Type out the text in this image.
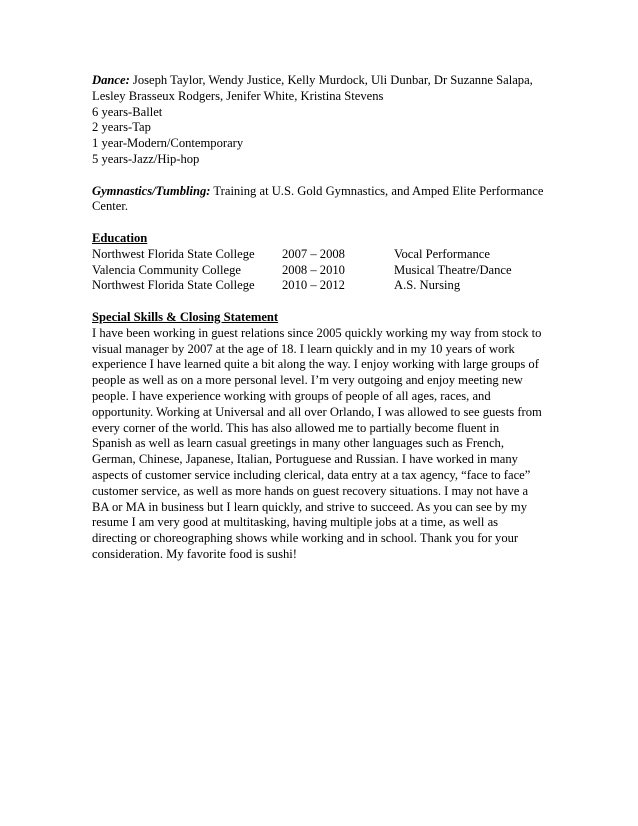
Dance: Joseph Taylor, Wendy Justice, Kelly Murdock, Uli Dunbar, Dr Suzanne Salapa,
Lesley Brasseux Rodgers, Jenifer White, Kristina Stevens
6 years-Ballet
2 years-Tap
1 year-Modern/Contemporary
5 years-Jazz/Hip-hop
Gymnastics/Tumbling: Training at U.S. Gold Gymnastics, and Amped Elite Performance
Center.
Education
Northwest Florida State College	2007 – 2008	Vocal Performance
Valencia Community College	2008 – 2010	Musical Theatre/Dance
Northwest Florida State College	2010 – 2012	A.S. Nursing
Special Skills & Closing Statement
I have been working in guest relations since 2005 quickly working my way from stock to
visual manager by 2007 at the age of 18. I learn quickly and in my 10 years of work
experience I have learned quite a bit along the way. I enjoy working with large groups of
people as well as on a more personal level. I’m very outgoing and enjoy meeting new
people. I have experience working with groups of people of all ages, races, and
opportunity. Working at Universal and all over Orlando, I was allowed to see guests from
every corner of the world. This has also allowed me to partially become fluent in
Spanish as well as learn casual greetings in many other languages such as French,
German, Chinese, Japanese, Italian, Portuguese and Russian. I have worked in many
aspects of customer service including clerical, data entry at a tax agency, “face to face”
customer service, as well as more hands on guest recovery situations. I may not have a
BA or MA in business but I learn quickly, and strive to succeed. As you can see by my
resume I am very good at multitasking, having multiple jobs at a time, as well as
directing or choreographing shows while working and in school. Thank you for your
consideration. My favorite food is sushi!
